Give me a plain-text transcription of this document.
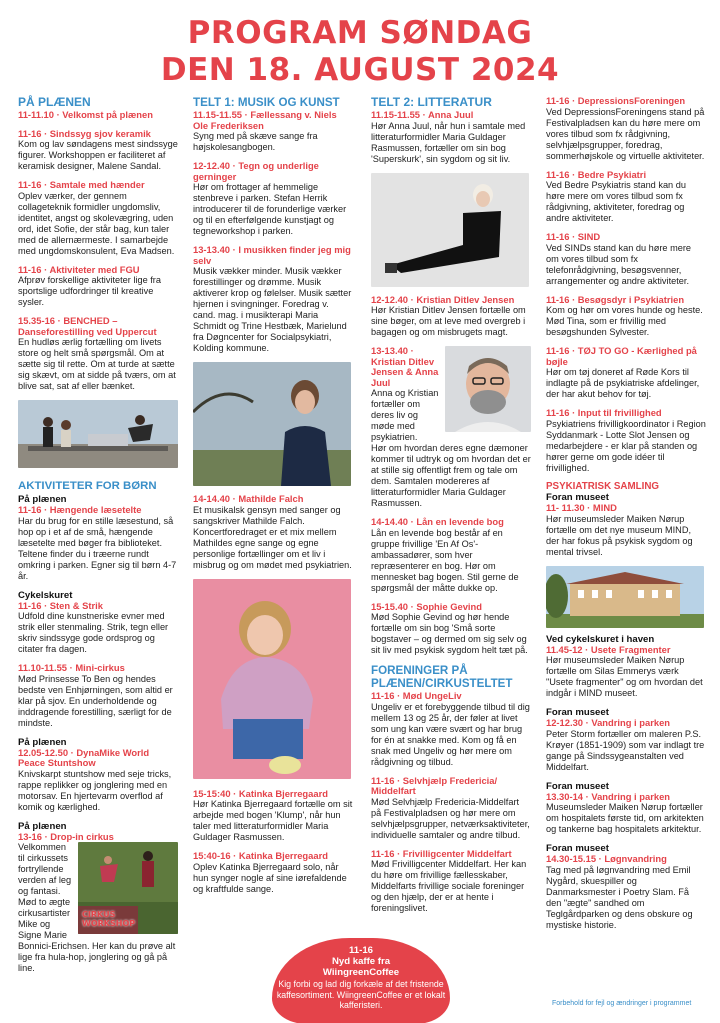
PROGRAM SØNDAG
DEN 18. AUGUST 2024
PÅ PLÆNEN
11-11.10 · Velkomst på plænen
11-16 · Sindssyg sjov keramik
Kom og lav søndagens mest sindssyge figurer. Workshoppen er faciliteret af keramisk designer, Malene Sandal.
11-16 · Samtale med hænder
Oplev værker, der gennem collageteknik formidler ungdomsliv, identitet, angst og skolevægring, uden ord, idet Sofie, der står bag, kun taler med de allernærmeste. I samarbejde med ungdomskonsulent, Eva Madsen.
11-16 · Aktiviteter med FGU
Afprøv forskellige aktiviteter lige fra sportslige udfordringer til kreative sysler.
15.35-16 · BENCHED – Danseforestilling ved Uppercut
En hudløs ærlig fortælling om livets store og helt små spørgsmål. Om at sætte sig til rette. Om at turde at sætte sig skævt, om at sidde på tværs, om at blive sat, sat af eller bænket.
AKTIVITETER FOR BØRN
På plænen
11-16 · Hængende læsetelte
Har du brug for en stille læsestund, så hop op i et af de små, hængende læsetelte med bøger fra biblioteket. Teltene finder du i træerne rundt omkring i parken. Egner sig til børn 4-7 år.
Cykelskuret
11-16 · Sten & Strik
Udfold dine kunstneriske evner med strik eller stenmaling. Strik, tegn eller skriv sindssyge gode ordsprog og citater fra dagen.
11.10-11.55 · Mini-cirkus
Mød Prinsesse To Ben og hendes bedste ven Enhjørningen, som altid er klar på sjov. En underholdende og inddragende forestilling, særligt for de mindste.
På plænen
12.05-12.50 · DynaMike World Peace Stuntshow
Knivskarpt stuntshow med seje tricks, rappe replikker og jonglering med en motorsav. En hjertevarm overflod af komik og kærlighed.
På plænen
13-16 · Drop-in cirkus
CIRKUS WORKSHOP
Velkommen til cirkussets fortryllende verden af leg og fantasi. Mød to ægte cirkusartister Mike og Signe Marie Bonnici-Erichsen. Her kan du prøve alt lige fra hula-hop, jonglering og gå på line.
TELT 1: MUSIK OG KUNST
11.15-11.55 · Fællessang v. Niels Ole Frederiksen
Syng med på skæve sange fra højskolesangbogen.
12-12.40 · Tegn og underlige gerninger
Hør om frottager af hemmelige stenbreve i parken. Stefan Herrik introducerer til de forunderlige værker og til en efterfølgende kunstjagt og tegneworkshop i parken.
13-13.40 · I musikken finder jeg mig selv
Musik vækker minder. Musik vækker forestillinger og drømme. Musik aktiverer krop og følelser. Musik sætter hjernen i svingninger. Foredrag v. cand. mag. i musikterapi Maria Schmidt og Trine Hestbæk, Marielund fra Døgncenter for Socialpsykiatri, Kolding kommune.
14-14.40 · Mathilde Falch
Et musikalsk gensyn med sanger og sangskriver Mathilde Falch. Koncertforedraget er et mix mellem Mathildes egne sange og egne personlige fortællinger om et liv i misbrug og om mødet med psykiatrien.
15-15:40 · Katinka Bjerregaard
Hør Katinka Bjerregaard fortælle om sit arbejde med bogen 'Klump', når hun taler med litteraturformidler Maria Guldager Rasmussen.
15:40-16 · Katinka Bjerregaard
Oplev Katinka Bjerregaard solo, når hun synger nogle af sine iørefaldende og kraftfulde sange.
TELT 2: LITTERATUR
11.15-11.55 · Anna Juul
Hør Anna Juul, når hun i samtale med litteraturformidler Maria Guldager Rasmussen, fortæller om sin bog 'Superskurk', sin sygdom og sit liv.
12-12.40 · Kristian Ditlev Jensen
Hør Kristian Ditlev Jensen fortælle om sine bøger, om at leve med overgreb i bagagen og om misbrugets magt.
13-13.40 · Kristian Ditlev Jensen & Anna Juul
Anna og Kristian fortæller om deres liv og møde med psykiatrien.
Hør om hvordan deres egne dæmoner kommer til udtryk og om hvordan det er at stille sig offentligt frem og tale om dem. Samtalen modereres af litteraturformidler Maria Guldager Rasmussen.
14-14.40 · Lån en levende bog
Lån en levende bog består af en gruppe frivillige 'En Af Os'-ambassadører, som hver repræsenterer en bog. Hør om mennesket bag bogen. Stil gerne de spørgsmål der måtte dukke op.
15-15.40 · Sophie Gevind
Mød Sophie Gevind og hør hende fortælle om sin bog 'Små sorte bogstaver – og dermed om sig selv og sit liv med psykisk sygdom helt tæt på.
FORENINGER PÅ PLÆNEN/CIRKUSTELTET
11-16 · Mød UngeLiv
Ungeliv er et forebyggende tilbud til dig mellem 13 og 25 år, der føler at livet som ung kan være svært og har brug for én at snakke med. Kom og få en snak med Ungeliv og hør mere om rådgivning og tilbud.
11-16 · Selvhjælp Fredericia/ Middelfart
Mød Selvhjælp Fredericia-Middelfart på Festivalpladsen og hør mere om selvhjælpsgrupper, netværksaktiviteter, individuelle samtaler og andre tilbud.
11-16 · Frivilligcenter Middelfart
Mød Frivilligcenter Middelfart. Her kan du høre om frivillige fællesskaber, Middelfarts frivillige sociale foreninger og den hjælp, der er at hente i foreningslivet.
11-16 · DepressionsForeningen
Ved DepressionsForeningens stand på Festivalpladsen kan du høre mere om vores tilbud som fx rådgivning, selvhjælpsgrupper, foredrag, sommerhøjskole og virtuelle aktiviteter.
11-16 · Bedre Psykiatri
Ved Bedre Psykiatris stand kan du høre mere om vores tilbud som fx rådgivning, aktiviteter, foredrag og andre aktiviteter.
11-16 · SIND
Ved SINDs stand kan du høre mere om vores tilbud som fx telefonrådgivning, besøgsvenner, arrangementer og andre aktiviteter.
11-16 · Besøgsdyr i Psykiatrien
Kom og hør om vores hunde og heste. Mød Tina, som er frivillig med besøgshunden Sylvester.
11-16 · TØJ TO GO - Kærlighed på bøjle
Hør om tøj doneret af Røde Kors til indlagte på de psykiatriske afdelinger, der har akut behov for tøj.
11-16 · Input til frivillighed
Psykiatriens frivilligkoordinator i Region Syddanmark - Lotte Slot Jensen og medarbejdere - er klar på standen og hører gerne om gode idéer til frivillighed.
PSYKIATRISK SAMLING
Foran museet
11- 11.30 · MIND
Hør museumsleder Maiken Nørup fortælle om det nye museum MIND, der har fokus på psykisk sygdom og mental trivsel.
Ved cykelskuret i haven
11.45-12 · Usete Fragmenter
Hør museumsleder Maiken Nørup fortælle om Silas Emmerys værk "Usete fragmenter" og om hvordan det indgår i MIND museet.
Foran museet
12-12.30 · Vandring i parken
Peter Storm fortæller om maleren P.S. Krøyer (1851-1909) som var indlagt tre gange på Sindssygeanstalten ved Middelfart.
Foran museet
13.30-14 · Vandring i parken
Museumsleder Maiken Nørup fortæller om hospitalets første tid, om arkitekten og tankerne bag hospitalets arkitektur.
Foran museet
14.30-15.15 · Løgnvandring
Tag med på løgnvandring med Emil Nygård, skuespiller og Danmarksmester i Poetry Slam. Få den "ægte" sandhed om Teglgårdparken og dens obskure og mystiske historie.
11-16
Nyd kaffe fra
WiingreenCoffee
Kig forbi og lad dig forkæle af det fristende kaffesortiment. WiingreenCoffee er et lokalt kafferisteri.	Forbehold for fejl og ændringer i programmet
